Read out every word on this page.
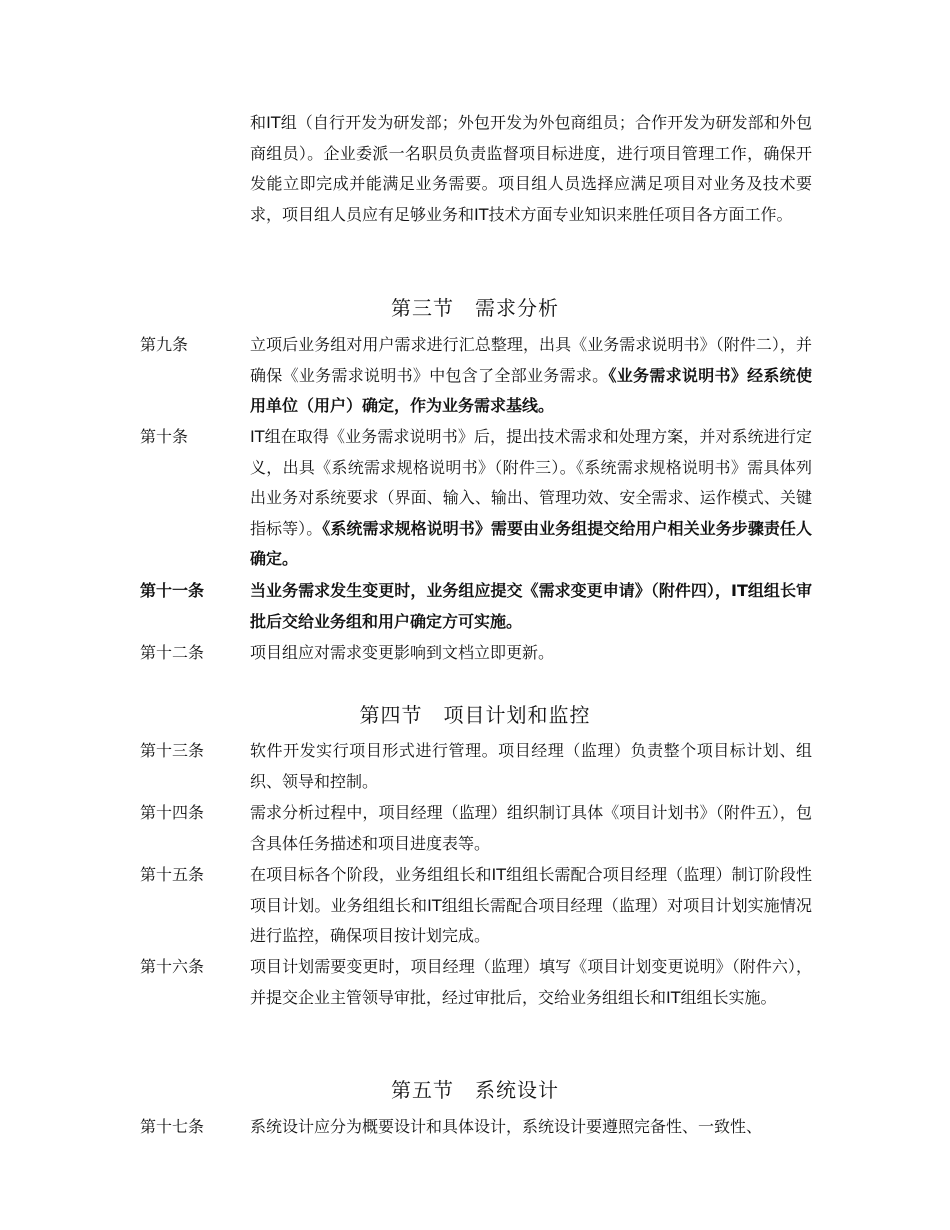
和IT组（自行开发为研发部；外包开发为外包商组员；合作开发为研发部和外包商组员）。企业委派一名职员负责监督项目标进度，进行项目管理工作，确保开发能立即完成并能满足业务需要。项目组人员选择应满足项目对业务及技术要求，项目组人员应有足够业务和IT技术方面专业知识来胜任项目各方面工作。
第三节　需求分析
第九条	立项后业务组对用户需求进行汇总整理，出具《业务需求说明书》（附件二），并确保《业务需求说明书》中包含了全部业务需求。《业务需求说明书》经系统使用单位（用户）确定，作为业务需求基线。
第十条	IT组在取得《业务需求说明书》后，提出技术需求和处理方案，并对系统进行定义，出具《系统需求规格说明书》（附件三）。《系统需求规格说明书》需具体列出业务对系统要求（界面、输入、输出、管理功效、安全需求、运作模式、关键指标等）。《系统需求规格说明书》需要由业务组提交给用户相关业务步骤责任人确定。
第十一条	当业务需求发生变更时，业务组应提交《需求变更申请》（附件四），IT组组长审批后交给业务组和用户确定方可实施。
第十二条	项目组应对需求变更影响到文档立即更新。
第四节　项目计划和监控
第十三条	软件开发实行项目形式进行管理。项目经理（监理）负责整个项目标计划、组织、领导和控制。
第十四条	需求分析过程中，项目经理（监理）组织制订具体《项目计划书》（附件五），包含具体任务描述和项目进度表等。
第十五条	在项目标各个阶段，业务组组长和IT组组长需配合项目经理（监理）制订阶段性项目计划。业务组组长和IT组组长需配合项目经理（监理）对项目计划实施情况进行监控，确保项目按计划完成。
第十六条	项目计划需要变更时，项目经理（监理）填写《项目计划变更说明》（附件六），并提交企业主管领导审批，经过审批后，交给业务组组长和IT组组长实施。
第五节　系统设计
第十七条	系统设计应分为概要设计和具体设计，系统设计要遵照完备性、一致性、
